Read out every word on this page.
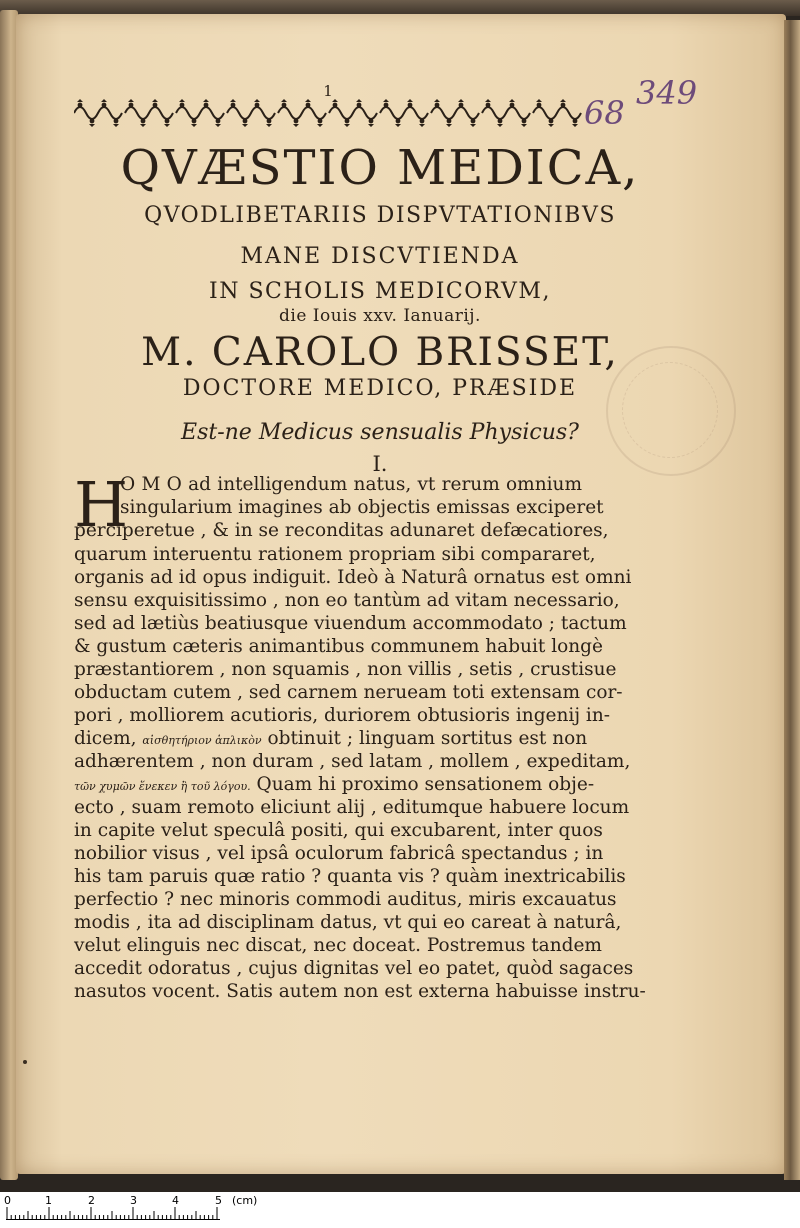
1
68
349
QVÆSTIO MEDICA,
QVODLIBETARIIS DISPVTATIONIBVS
MANE DISCVTIENDA
IN SCHOLIS MEDICORVM,
die Iouis xxv. Ianuarij.
M. CAROLO BRISSET,
DOCTORE MEDICO, PRÆSIDE
Est-ne Medicus sensualis Physicus?
I.
H
O M O ad intelligendum natus, vt rerum omnium
singularium imagines ab objectis emissas exciperet
perciperetue , & in se reconditas adunaret defæcatiores,
quarum interuentu rationem propriam sibi compararet,
organis ad id opus indiguit. Ideò à Naturâ ornatus est omni
sensu exquisitissimo , non eo tantùm ad vitam necessario,
sed ad lætiùs beatiusque viuendum accommodato ; tactum
& gustum cæteris animantibus communem habuit longè
præstantiorem , non squamis , non villis , setis , crustisue
obductam cutem , sed carnem nerueam toti extensam cor-
pori , molliorem acutioris, duriorem obtusioris ingenij in-
dicem, αἰσθητήριον ἁπλικὸν obtinuit ; linguam sortitus est non
adhærentem , non duram , sed latam , mollem , expeditam,
τῶν χυμῶν ἕνεκεν ἢ τοῦ λόγου. Quam hi proximo sensationem obje-
ecto , suam remoto eliciunt alij , editumque habuere locum
in capite velut speculâ positi, qui excubarent, inter quos
nobilior visus , vel ipsâ oculorum fabricâ spectandus ; in
his tam paruis quæ ratio ? quanta vis ? quàm inextricabilis
perfectio ? nec minoris commodi auditus, miris excauatus
modis , ita ad disciplinam datus, vt qui eo careat à naturâ,
velut elinguis nec discat, nec doceat. Postremus tandem
accedit odoratus , cujus dignitas vel eo patet, quòd sagaces
nasutos vocent. Satis autem non est externa habuisse instru-
0	1	2	3	4	5 (cm)
